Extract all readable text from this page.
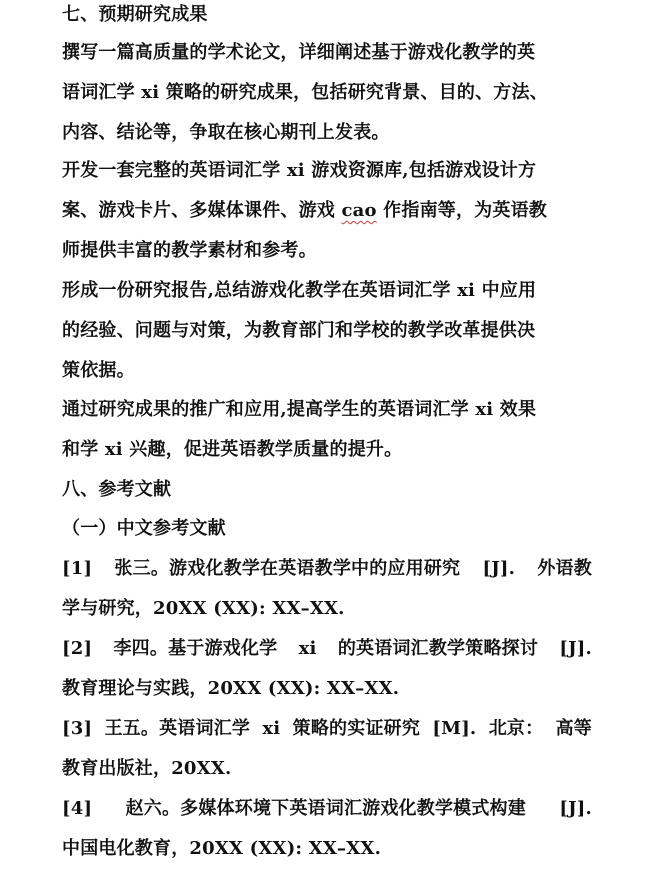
七、预期研究成果
撰写一篇高质量的学术论文，详细阐述基于游戏化教学的英
语词汇学 xi 策略的研究成果，包括研究背景、目的、方法、
内容、结论等，争取在核心期刊上发表。
开发一套完整的英语词汇学 xi 游戏资源库,包括游戏设计方
案、游戏卡片、多媒体课件、游戏 cao 作指南等，为英语教
师提供丰富的教学素材和参考。
形成一份研究报告,总结游戏化教学在英语词汇学 xi 中应用
的经验、问题与对策，为教育部门和学校的教学改革提供决
策依据。
通过研究成果的推广和应用,提高学生的英语词汇学 xi 效果
和学 xi 兴趣，促进英语教学质量的提升。
八、参考文献
（一）中文参考文献
[1] 张三。游戏化教学在英语教学中的应用研究 [J]. 外语教
学与研究，20XX (XX): XX–XX.
[2] 李四。基于游戏化学 xi 的英语词汇教学策略探讨 [J].
教育理论与实践，20XX (XX): XX–XX.
[3] 王五。英语词汇学 xi 策略的实证研究 [M]. 北京： 高等
教育出版社，20XX.
[4] 赵六。多媒体环境下英语词汇游戏化教学模式构建 [J].
中国电化教育，20XX (XX): XX–XX.
